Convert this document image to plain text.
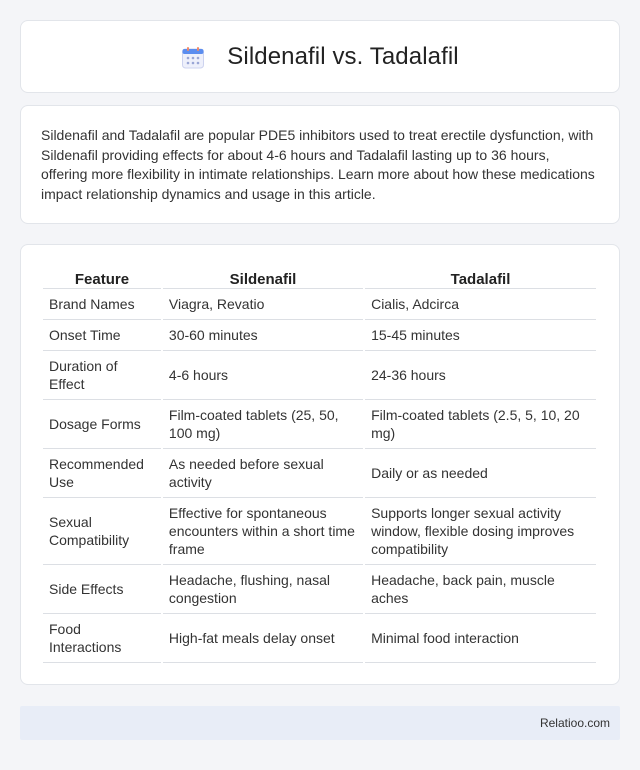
Sildenafil vs. Tadalafil

Sildenafil and Tadalafil are popular PDE5 inhibitors used to treat erectile dysfunction, with Sildenafil providing effects for about 4-6 hours and Tadalafil lasting up to 36 hours, offering more flexibility in intimate relationships. Learn more about how these medications impact relationship dynamics and usage in this article.

Feature	Sildenafil	Tadalafil
Brand Names	Viagra, Revatio	Cialis, Adcirca
Onset Time	30-60 minutes	15-45 minutes
Duration of Effect	4-6 hours	24-36 hours
Dosage Forms	Film-coated tablets (25, 50, 100 mg)	Film-coated tablets (2.5, 5, 10, 20 mg)
Recommended Use	As needed before sexual activity	Daily or as needed
Sexual Compatibility	Effective for spontaneous encounters within a short time frame	Supports longer sexual activity window, flexible dosing improves compatibility
Side Effects	Headache, flushing, nasal congestion	Headache, back pain, muscle aches
Food Interactions	High-fat meals delay onset	Minimal food interaction
Relatioo.com
